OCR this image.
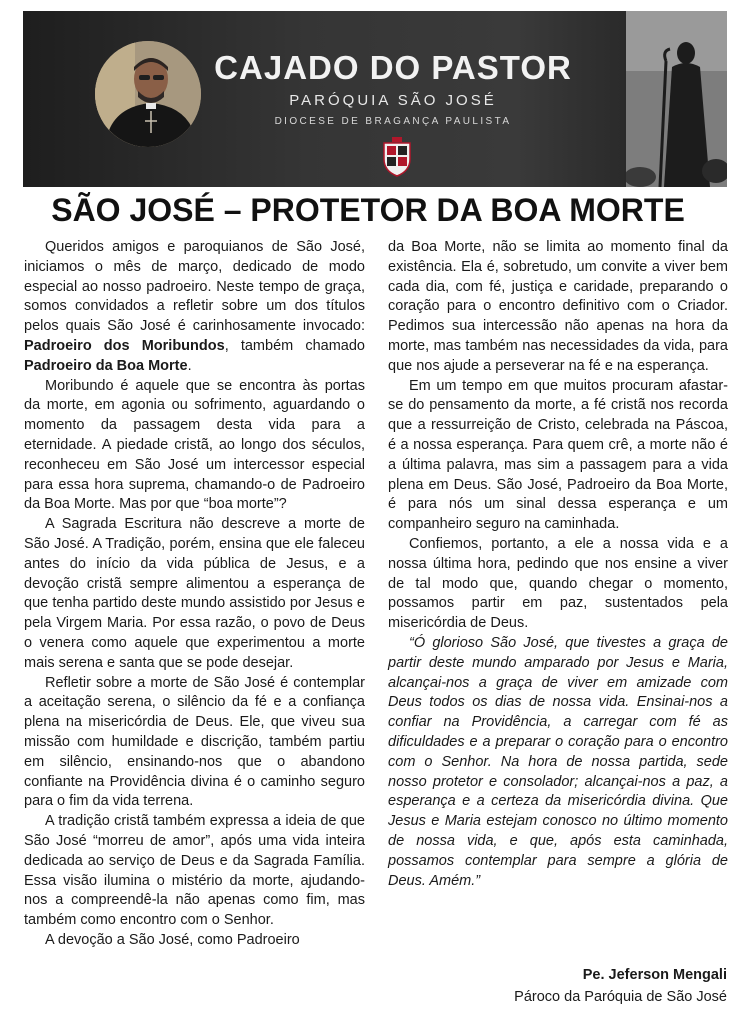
CAJADO DO PASTOR
PARÓQUIA SÃO JOSÉ
DIOCESE DE BRAGANÇA PAULISTA
SÃO JOSÉ – PROTETOR DA BOA MORTE

Queridos amigos e paroquianos de São José, iniciamos o mês de março, dedicado de modo especial ao nosso padroeiro. Neste tempo de graça, somos convidados a refletir sobre um dos títulos pelos quais São José é carinhosamente invocado: Padroeiro dos Moribundos, também chamado Padroeiro da Boa Morte.

Moribundo é aquele que se encontra às portas da morte, em agonia ou sofrimento, aguardando o momento da passagem desta vida para a eternidade. A piedade cristã, ao longo dos séculos, reconheceu em São José um intercessor especial para essa hora suprema, chamando-o de Padroeiro da Boa Morte. Mas por que “boa morte”?

A Sagrada Escritura não descreve a morte de São José. A Tradição, porém, ensina que ele faleceu antes do início da vida pública de Jesus, e a devoção cristã sempre alimentou a esperança de que tenha partido deste mundo assistido por Jesus e pela Virgem Maria. Por essa razão, o povo de Deus o venera como aquele que experimentou a morte mais serena e santa que se pode desejar.

Refletir sobre a morte de São José é contemplar a aceitação serena, o silêncio da fé e a confiança plena na misericórdia de Deus. Ele, que viveu sua missão com humildade e discrição, também partiu em silêncio, ensinando-nos que o abandono confiante na Providência divina é o caminho seguro para o fim da vida terrena.

A tradição cristã também expressa a ideia de que São José “morreu de amor”, após uma vida inteira dedicada ao serviço de Deus e da Sagrada Família. Essa visão ilumina o mistério da morte, ajudando-nos a compreendê-la não apenas como fim, mas também como encontro com o Senhor.

A devoção a São José, como Padroeiro

da Boa Morte, não se limita ao momento final da existência. Ela é, sobretudo, um convite a viver bem cada dia, com fé, justiça e caridade, preparando o coração para o encontro definitivo com o Criador. Pedimos sua intercessão não apenas na hora da morte, mas também nas necessidades da vida, para que nos ajude a perseverar na fé e na esperança.

Em um tempo em que muitos procuram afastar-se do pensamento da morte, a fé cristã nos recorda que a ressurreição de Cristo, celebrada na Páscoa, é a nossa esperança. Para quem crê, a morte não é a última palavra, mas sim a passagem para a vida plena em Deus. São José, Padroeiro da Boa Morte, é para nós um sinal dessa esperança e um companheiro seguro na caminhada.

Confiemos, portanto, a ele a nossa vida e a nossa última hora, pedindo que nos ensine a viver de tal modo que, quando chegar o momento, possamos partir em paz, sustentados pela misericórdia de Deus.

“Ó glorioso São José, que tivestes a graça de partir deste mundo amparado por Jesus e Maria, alcançai-nos a graça de viver em amizade com Deus todos os dias de nossa vida. Ensinai-nos a confiar na Providência, a carregar com fé as dificuldades e a preparar o coração para o encontro com o Senhor. Na hora de nossa partida, sede nosso protetor e consolador; alcançai-nos a paz, a esperança e a certeza da misericórdia divina. Que Jesus e Maria estejam conosco no último momento de nossa vida, e que, após esta caminhada, possamos contemplar para sempre a glória de Deus. Amém.”

Pe. Jeferson Mengali
Pároco da Paróquia de São José
